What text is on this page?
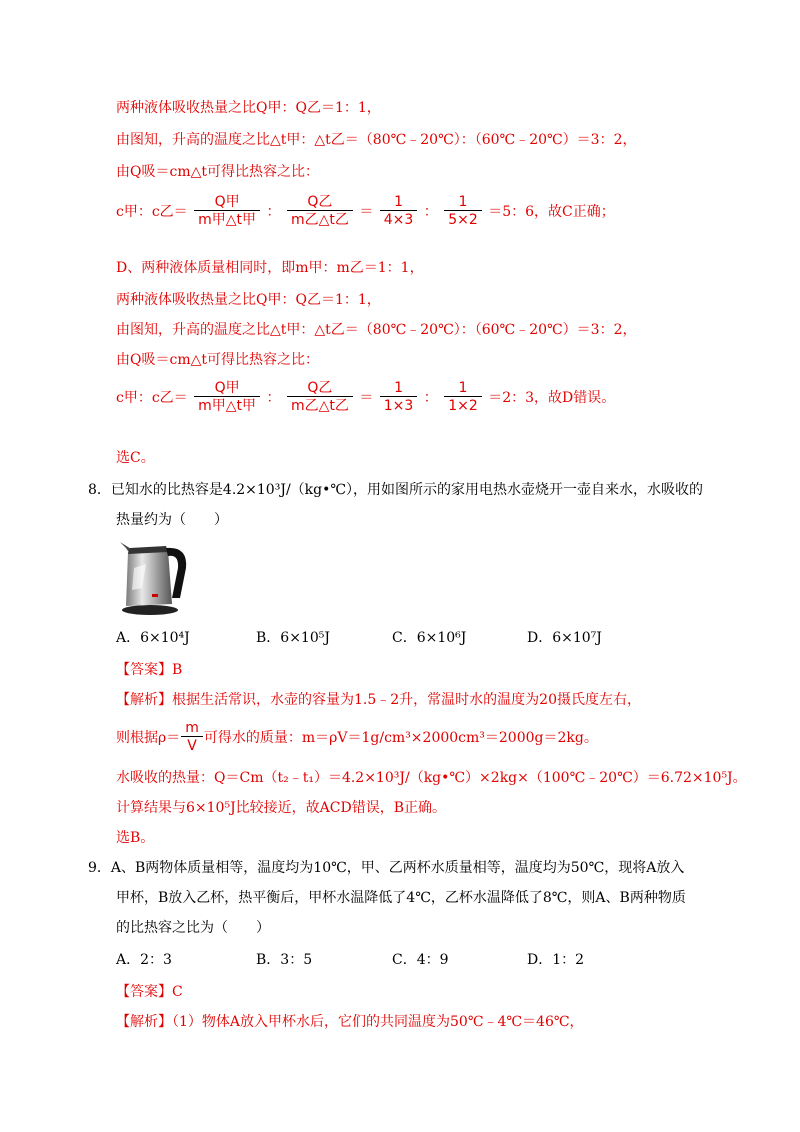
两种液体吸收热量之比Q甲：Q乙＝1：1，
由图知，升高的温度之比△t甲：△t乙＝（80℃﹣20℃）：（60℃﹣20℃）＝3：2，
由Q吸＝cm△t可得比热容之比：
c甲：c乙＝ $\frac{\text{Q甲}}{\text{m甲△t甲}}$ ： $\frac{\text{Q乙}}{\text{m乙△t乙}} = \frac{1}{4\times 3}$ ： $\frac{1}{5\times 2} =5$：6，故C正确；
D、两种液体质量相同时，即m甲：m乙＝1：1，
两种液体吸收热量之比Q甲：Q乙＝1：1，
由图知，升高的温度之比△t甲：△t乙＝（80℃﹣20℃）：（60℃﹣20℃）＝3：2，
由Q吸＝cm△t可得比热容之比：
c甲：c乙＝ $\frac{\text{Q甲}}{\text{m甲△t甲}}$ ： $\frac{\text{Q乙}}{\text{m乙△t乙}} = \frac{1}{1\times 3}$ ： $\frac{1}{1\times 2} =2$：3，故D错误。
选C。
8．已知水的比热容是4.2×10³J/（kg•℃），用如图所示的家用电热水壶烧开一壶自来水，水吸收的
热量约为（　　）
A．6×10⁴J	B．6×10⁵J	C．6×10⁶J	D．6×10⁷J
【答案】B
【解析】根据生活常识，水壶的容量为1.5﹣2升，常温时水的温度为20摄氏度左右，
则根据$\rho= \frac{m}{V}$ 可得水的质量：m＝ρV＝1g/cm³×2000cm³＝2000g＝2kg。
水吸收的热量：Q＝Cm（t₂﹣t₁）＝4.2×10³J/（kg•℃）×2kg×（100℃﹣20℃）＝6.72×10⁵J。
计算结果与6×10⁵J比较接近，故ACD错误，B正确。
选B。
9．A、B两物体质量相等，温度均为10℃，甲、乙两杯水质量相等，温度均为50℃，现将A放入
甲杯，B放入乙杯，热平衡后，甲杯水温降低了4℃，乙杯水温降低了8℃，则A、B两种物质
的比热容之比为（　　）
A．2：3	B．3：5	C．4：9	D．1：2
【答案】C
【解析】（1）物体A放入甲杯水后，它们的共同温度为50℃﹣4℃＝46℃，
